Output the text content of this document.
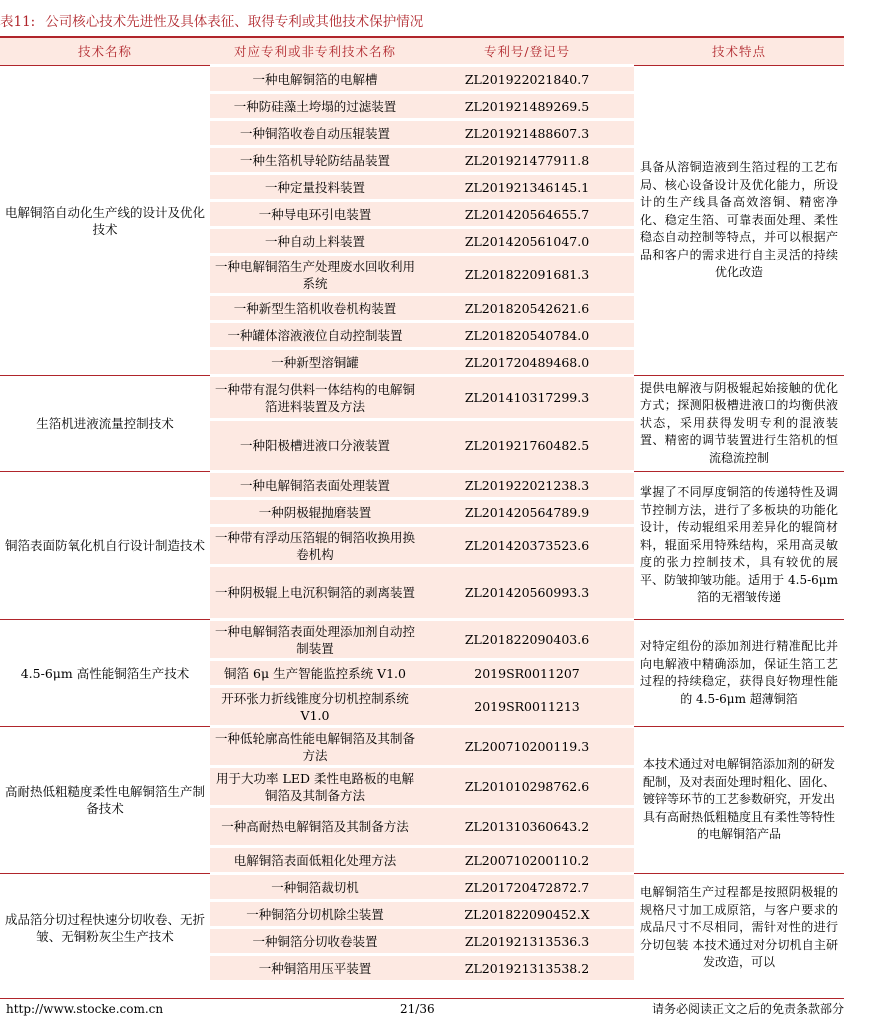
表11: 公司核心技术先进性及具体表征、取得专利或其他技术保护情况
技术名称	对应专利或非专利技术名称	专利号/登记号	技术特点
电解铜箔自动化生产线的设计及优化技术	一种电解铜箔的电解槽	ZL201922021840.7	具备从溶铜造液到生箔过程的工艺布局、核心设备设计及优化能力，所设计的生产线具备高效溶铜、精密净化、稳定生箔、可靠表面处理、柔性稳态自动控制等特点，并可以根据产品和客户的需求进行自主灵活的持续优化改造
	一种防硅藻土垮塌的过滤装置	ZL201921489269.5	
	一种铜箔收卷自动压辊装置	ZL201921488607.3	
	一种生箔机导轮防结晶装置	ZL201921477911.8	
	一种定量投料装置	ZL201921346145.1	
	一种导电环引电装置	ZL201420564655.7	
	一种自动上料装置	ZL201420561047.0	
	一种电解铜箔生产处理废水回收利用系统	ZL201822091681.3	
	一种新型生箔机收卷机构装置	ZL201820542621.6	
	一种罐体溶液液位自动控制装置	ZL201820540784.0	
	一种新型溶铜罐	ZL201720489468.0	
生箔机进液流量控制技术	一种带有混匀供料一体结构的电解铜箔进料装置及方法	ZL201410317299.3	提供电解液与阴极辊起始接触的优化方式；探测阳极槽进液口的均衡供液状态，采用获得发明专利的混液装置、精密的调节装置进行生箔机的恒流稳流控制
	一种阳极槽进液口分液装置	ZL201921760482.5	
铜箔表面防氧化机自行设计制造技术	一种电解铜箔表面处理装置	ZL201922021238.3	掌握了不同厚度铜箔的传递特性及调节控制方法，进行了多板块的功能化设计，传动辊组采用差异化的辊筒材料，辊面采用特殊结构，采用高灵敏度的张力控制技术，具有较优的展平、防皱抑皱功能。适用于 4.5-6μm 箔的无褶皱传递
	一种阴极辊抛磨装置	ZL201420564789.9	
	一种带有浮动压箔辊的铜箔收换用换卷机构	ZL201420373523.6	
	一种阴极辊上电沉积铜箔的剥离装置	ZL201420560993.3	
4.5-6μm 高性能铜箔生产技术	一种电解铜箔表面处理添加剂自动控制装置	ZL201822090403.6	对特定组份的添加剂进行精准配比并向电解液中精确添加，保证生箔工艺过程的持续稳定，获得良好物理性能的 4.5-6μm 超薄铜箔
	铜箔 6μ 生产智能监控系统 V1.0	2019SR0011207	
	开环张力折线锥度分切机控制系统 V1.0	2019SR0011213	
高耐热低粗糙度柔性电解铜箔生产制备技术	一种低轮廓高性能电解铜箔及其制备方法	ZL200710200119.3	本技术通过对电解铜箔添加剂的研发配制，及对表面处理时粗化、固化、镀锌等环节的工艺参数研究，开发出具有高耐热低粗糙度且有柔性等特性的电解铜箔产品
	用于大功率 LED 柔性电路板的电解铜箔及其制备方法	ZL201010298762.6	
	一种高耐热电解铜箔及其制备方法	ZL201310360643.2	
	电解铜箔表面低粗化处理方法	ZL200710200110.2	
成品箔分切过程快速分切收卷、无折皱、无铜粉灰尘生产技术	一种铜箔裁切机	ZL201720472872.7	电解铜箔生产过程都是按照阴极辊的规格尺寸加工成原箔，与客户要求的成品尺寸不尽相同，需针对性的进行分切包装 本技术通过对分切机自主研发改造，可以
	一种铜箔分切机除尘装置	ZL201822090452.X	
	一种铜箔分切收卷装置	ZL201921313536.3	
	一种铜箔用压平装置	ZL201921313538.2	
http://www.stocke.com.cn	21/36	请务必阅读正文之后的免责条款部分
